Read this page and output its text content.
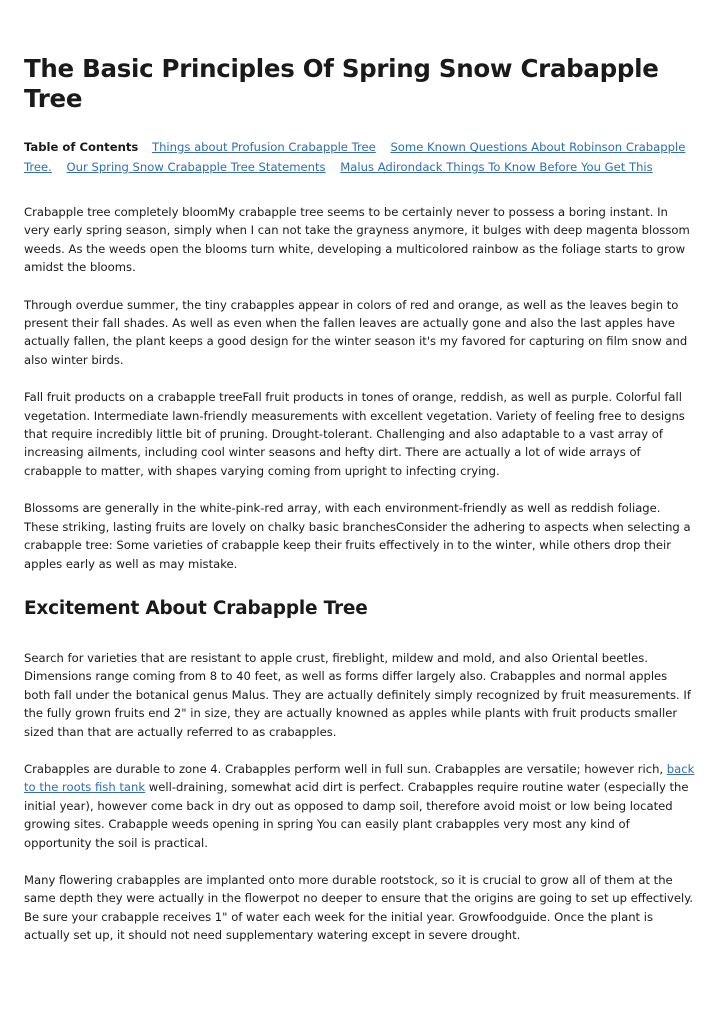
The Basic Principles Of Spring Snow Crabapple Tree
Table of Contents Things about Profusion Crabapple Tree Some Known Questions About Robinson Crabapple Tree. Our Spring Snow Crabapple Tree Statements Malus Adirondack Things To Know Before You Get This

Crabapple tree completely bloomMy crabapple tree seems to be certainly never to possess a boring instant. In very early spring season, simply when I can not take the grayness anymore, it bulges with deep magenta blossom weeds. As the weeds open the blooms turn white, developing a multicolored rainbow as the foliage starts to grow amidst the blooms.

Through overdue summer, the tiny crabapples appear in colors of red and orange, as well as the leaves begin to present their fall shades. As well as even when the fallen leaves are actually gone and also the last apples have actually fallen, the plant keeps a good design for the winter season it's my favored for capturing on film snow and also winter birds.

Fall fruit products on a crabapple treeFall fruit products in tones of orange, reddish, as well as purple. Colorful fall vegetation. Intermediate lawn-friendly measurements with excellent vegetation. Variety of feeling free to designs that require incredibly little bit of pruning. Drought-tolerant. Challenging and also adaptable to a vast array of increasing ailments, including cool winter seasons and hefty dirt. There are actually a lot of wide arrays of crabapple to matter, with shapes varying coming from upright to infecting crying.

Blossoms are generally in the white-pink-red array, with each environment-friendly as well as reddish foliage. These striking, lasting fruits are lovely on chalky basic branchesConsider the adhering to aspects when selecting a crabapple tree: Some varieties of crabapple keep their fruits effectively in to the winter, while others drop their apples early as well as may mistake.

Excitement About Crabapple Tree

Search for varieties that are resistant to apple crust, fireblight, mildew and mold, and also Oriental beetles. Dimensions range coming from 8 to 40 feet, as well as forms differ largely also. Crabapples and normal apples both fall under the botanical genus Malus. They are actually definitely simply recognized by fruit measurements. If the fully grown fruits end 2" in size, they are actually knowned as apples while plants with fruit products smaller sized than that are actually referred to as crabapples.

Crabapples are durable to zone 4. Crabapples perform well in full sun. Crabapples are versatile; however rich, back to the roots fish tank well-draining, somewhat acid dirt is perfect. Crabapples require routine water (especially the initial year), however come back in dry out as opposed to damp soil, therefore avoid moist or low being located growing sites. Crabapple weeds opening in spring You can easily plant crabapples very most any kind of opportunity the soil is practical.

Many flowering crabapples are implanted onto more durable rootstock, so it is crucial to grow all of them at the same depth they were actually in the flowerpot no deeper to ensure that the origins are going to set up effectively. Be sure your crabapple receives 1" of water each week for the initial year. Growfoodguide. Once the plant is actually set up, it should not need supplementary watering except in severe drought.
